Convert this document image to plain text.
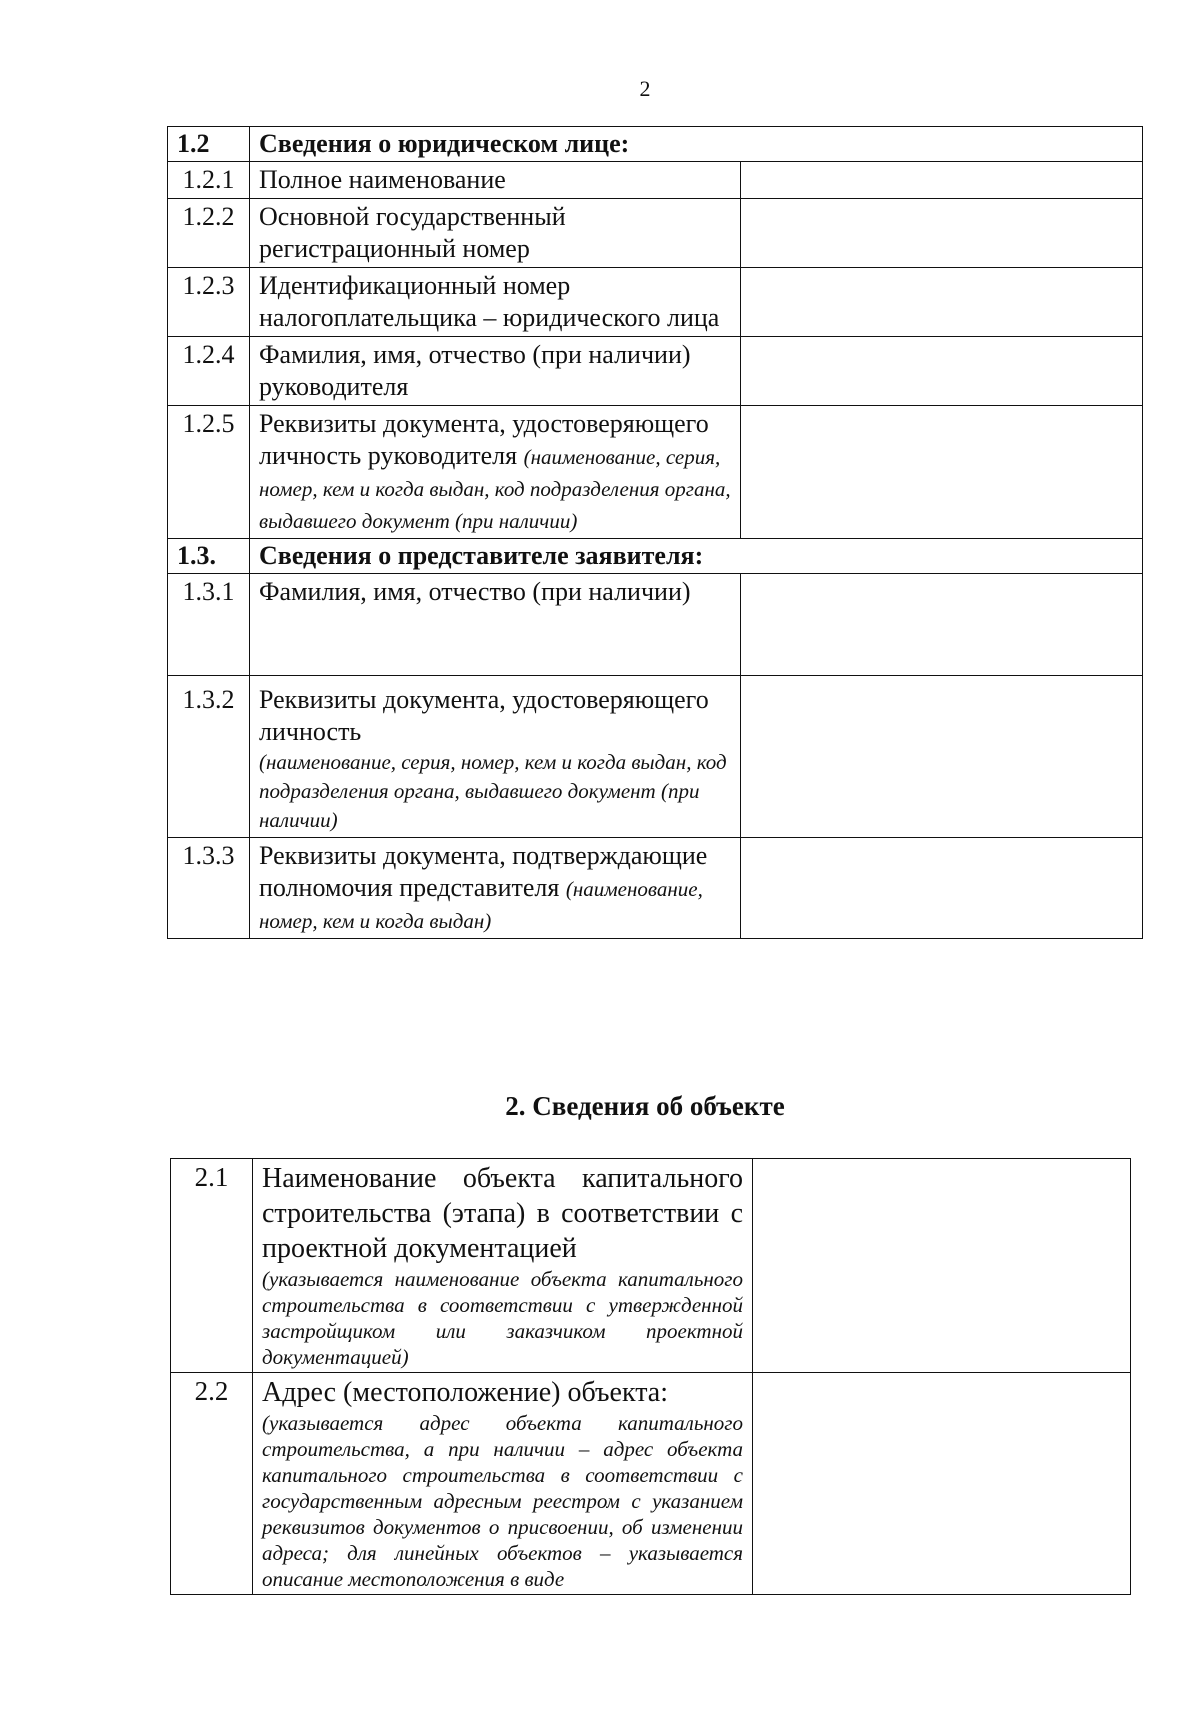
2
1.2	Сведения о юридическом лице:	
1.2.1	Полное наименование	
1.2.2	Основной государственный регистрационный номер	
1.2.3	Идентификационный номер налогоплательщика – юридического лица	
1.2.4	Фамилия, имя, отчество (при наличии) руководителя	
1.2.5	Реквизиты документа, удостоверяющего личность руководителя (наименование, серия, номер, кем и когда выдан, код подразделения органа, выдавшего документ (при наличии)	
1.3.	Сведения о представителе заявителя:	
1.3.1	Фамилия, имя, отчество (при наличии)	
1.3.2	Реквизиты документа, удостоверяющего личность
(наименование, серия, номер, кем и когда выдан, код подразделения органа, выдавшего документ (при наличии)	

1.3.3	Реквизиты документа, подтверждающие полномочия представителя (наименование, номер, кем и когда выдан)	
2. Сведения об объекте
2.1	Наименование объекта капитального строительства (этапа) в соответствии с проектной документацией
(указывается наименование объекта капитального строительства в соответствии с утвержденной застройщиком или заказчиком проектной документацией)	

2.2	Адрес (местоположение) объекта:
(указывается адрес объекта капитального строительства, а при наличии – адрес объекта капитального строительства в соответствии с государственным адресным реестром с указанием реквизитов документов о присвоении, об изменении адреса; для линейных объектов – указывается описание местоположения в виде	
